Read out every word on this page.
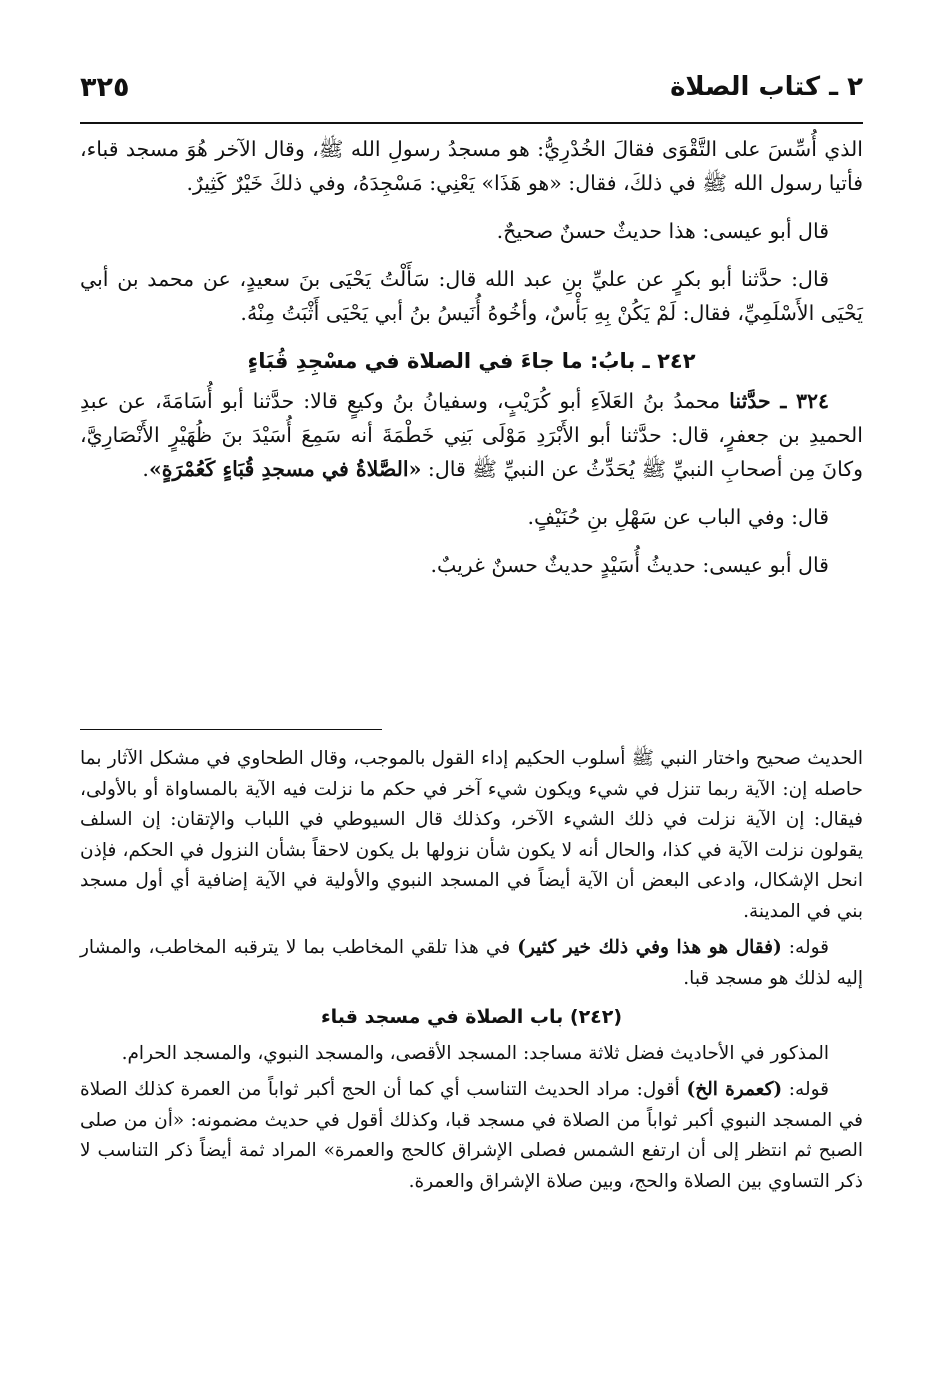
٢ ـ كتاب الصلاة
٣٢٥

الذي أُسِّسَ على التَّقْوَى فقالَ الخُدْرِيُّ: هو مسجدُ رسولِ الله ﷺ، وقال الآخر هُوَ مسجد قباء، فأتيا رسول الله ﷺ في ذلكَ، فقال: «هو هَذَا» يَعْنِي: مَسْجِدَهُ، وفي ذلكَ خَيْرٌ كَثِيرٌ.

قال أبو عيسى: هذا حديثٌ حسنٌ صحيحٌ.

قال: حدَّثنا أبو بكرٍ عن عليِّ بنِ عبد الله قال: سَأَلْتُ يَحْيَى بنَ سعيدٍ، عن محمد بن أبي يَحْيَى الأَسْلَمِيِّ، فقال: لَمْ يَكُنْ بِهِ بَأْسٌ، وأخُوهُ أُنَيسُ بنُ أبي يَحْيَى أَثْبَتُ مِنْهُ.

٢٤٢ ـ بابُ: ما جاءَ في الصلاة في مسْجِدِ قُبَاءٍ

٣٢٤ ـ حدَّثنا محمدُ بنُ العَلاَءِ أبو كُرَيْبٍ، وسفيانُ بنُ وكيعٍ قالا: حدَّثنا أبو أُسَامَةَ، عن عبدِ الحميدِ بن جعفرٍ، قال: حدَّثنا أبو الأَبْرَدِ مَوْلَى بَنِي خَطْمَةَ أنه سَمِعَ أُسَيْدَ بنَ ظُهَيْرٍ الأَنْصَارِيَّ، وكانَ مِن أصحابِ النبيِّ ﷺ يُحَدِّثُ عن النبيِّ ﷺ قال: «الصَّلاةُ في مسجدِ قُبَاءٍ كَعُمْرَةٍ».

قال: وفي الباب عن سَهْلِ بنِ حُنَيْفٍ.

قال أبو عيسى: حديثُ أُسَيْدٍ حديثٌ حسنٌ غريبٌ.

الحديث صحيح واختار النبي ﷺ أسلوب الحكيم إداء القول بالموجب، وقال الطحاوي في مشكل الآثار بما حاصله إن: الآية ربما تنزل في شيء ويكون شيء آخر في حكم ما نزلت فيه الآية بالمساواة أو بالأولى، فيقال: إن الآية نزلت في ذلك الشيء الآخر، وكذلك قال السيوطي في اللباب والإتقان: إن السلف يقولون نزلت الآية في كذا، والحال أنه لا يكون شأن نزولها بل يكون لاحقاً بشأن النزول في الحكم، فإذن انحل الإشكال، وادعى البعض أن الآية أيضاً في المسجد النبوي والأولية في الآية إضافية أي أول مسجد بني في المدينة.

قوله: (فقال هو هذا وفي ذلك خير كثير) في هذا تلقي المخاطب بما لا يترقبه المخاطب، والمشار إليه لذلك هو مسجد قبا.

(٢٤٢) باب الصلاة في مسجد قباء

المذكور في الأحاديث فضل ثلاثة مساجد: المسجد الأقصى، والمسجد النبوي، والمسجد الحرام.

قوله: (كعمرة الخ) أقول: مراد الحديث التناسب أي كما أن الحج أكبر ثواباً من العمرة كذلك الصلاة في المسجد النبوي أكبر ثواباً من الصلاة في مسجد قبا، وكذلك أقول في حديث مضمونه: «أن من صلى الصبح ثم انتظر إلى أن ارتفع الشمس فصلى الإشراق كالحج والعمرة» المراد ثمة أيضاً ذكر التناسب لا ذكر التساوي بين الصلاة والحج، وبين صلاة الإشراق والعمرة.
